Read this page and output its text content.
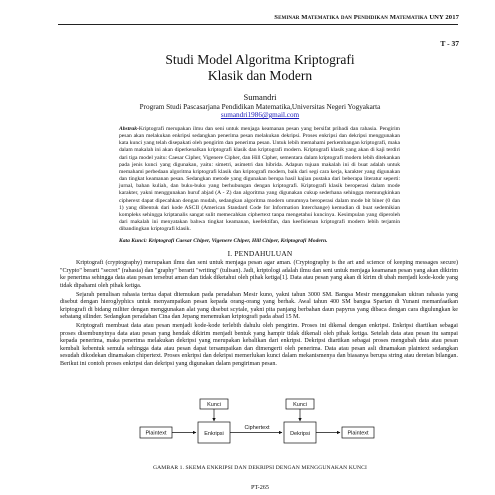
Seminar Matematika dan Pendidikan Matematika UNY 2017
T - 37
Studi Model Algoritma Kriptografi
Klasik dan Modern
Sumandri
Program Studi Pascasarjana Pendidikan Matematika,Universitas Negeri Yogyakarta
sumandri1986@gmail.com
Abstrak-Kriptografi merupakan ilmu dan seni untuk menjaga keamanan pesan yang bersifat pribadi dan rahasia. Pengirim pesan akan melakukan enkripsi sedangkan penerima pesan melakukan dekripsi. Proses enkripsi dan dekripsi menggunakan kata kunci yang telah disepakati oleh pengirim dan penerima pesan. Untuk lebih memahami perkembangan kriptografi, maka dalam makalah ini akan diperkenalkan kriptografi klasik dan kriptografi modern. Kriptografi klasik yang akan di kaji terdiri dari tiga model yaitu: Caesar Cipher, Vigenere Cipher, dan Hill Cipher, sementara dalam kriptografi modern lebih ditekankan pada jenis kunci yang digunakan, yaitu: simetri, asimetri dan hibrida. Adapun tujuan makalah ini di buat adalah untuk memahami perbedaan algoritma kriptografi klasik dan kriptografi modern, baik dari segi cara kerja, karakter yang digunakan dan tingkat keamanan pesan. Sedangkan metode yang digunakan berupa hasil kajian pustaka dari beberapa literatur seperti: jurnal, bahan kuliah, dan buku-buku yang berhubungan dengan kriptografi. Kriptografi klasik beroperasi dalam mode karakter, yakni menggunakan huruf abjad (A - Z) dan algoritma yang digunakan cukup sederhana sehingga memungkinkan cipherext dapat dipecahkan dengan mudah, sedangkan algoritma modern umumnya beroperasi dalam mode bit biner (0 dan 1) yang dibentuk dari kode ASCII (American Standard Code for Information Interchange) kemudian di buat sedemikian kompleks sehingga kriptanalis sangat sulit memecahkan ciphertext tanpa mengetahui kuncinya. Kesimpulan yang diperoleh dari makalah ini menyatakan bahwa tingkat keamanan, keefektifan, dan keefisienan kriptografi modern lebih terjamin dibandingkan kriptografi klasik.
Kata Kunci: Kriptografi Caesar Chiper, Vigenere Chiper, Hill Chiper, Kriptografi Modern.
I. PENDAHULUAN

Kriptografi (cryptography) merupakan ilmu dan seni untuk menjaga pesan agar aman. (Cryptography is the art and science of keeping messages secure) "Crypto" berarti "secret" (rahasia) dan "graphy" berarti "writing" (tulisan). Jadi, kriptologi adalah ilmu dan seni untuk menjaga keamanan pesan yang akan dikirim ke penerima sehingga data atau pesan tersebut aman dan tidak diketahui oleh pihak ketiga[1]. Data atau pesan yang akan di kirim di ubah menjadi kode-kode yang tidak dipahami oleh pihak ketiga.

Sejarah penulisan rahasia tertua dapat ditemukan pada peradaban Mesir kuno, yakni tahun 3000 SM. Bangsa Mesir menggunakan ukiran rahasia yang disebut dengan hieroglyphics untuk menyampaikan pesan kepada orang-orang yang berhak. Awal tahun 400 SM bangsa Spartan di Yunani memanfaatkan kriptografi di bidang militer dengan menggunakan alat yang disebut scytale, yakni pita panjang berbahan daun papyrus yang dibaca dengan cara digulungkan ke sebatang silinder. Sedangkan peradaban Cina dan Jepang menemukan kriptografi pada abad 15 M.

Kriptografi membuat data atau pesan menjadi kode-kode terlebih dahulu oleh pengirim. Proses ini dikenal dengan enkripsi. Enkripsi diartikan sebagai proses disembunyinya data atau pesan yang hendak dikirim menjadi bentuk yang hampir tidak dikenali oleh pihak ketiga. Setelah data atau pesan itu sampai kepada penerima, maka penerima melakukan dekripsi yang merupakan kebalikan dari enkripsi. Dekripsi diartikan sebagai proses mengubah data atau pesan kembali kebentuk semula sehingga data atau pesan dapat tersampaikan dan dimengerti oleh penerima. Data atau pesan asli dinamakan plaintext sedangkan sesudah dikodekan dinamakan chipertext. Proses enkripsi dan dekripsi memerlukan kunci dalam mekanismenya dan biasanya berupa string atau deretan bilangan. Berikut ini contoh proses enkripsi dan dekripsi yang digunakan dalam pengiriman pesan.

Kunci	Kunci
Plaintext	Enkripsi
Ciphertext
Dekripsi	Plaintext
GAMBAR 1. SKEMA ENKRIPSI DAN DEKRIPSI DENGAN MENGGUNAKAN KUNCI
PT-265
